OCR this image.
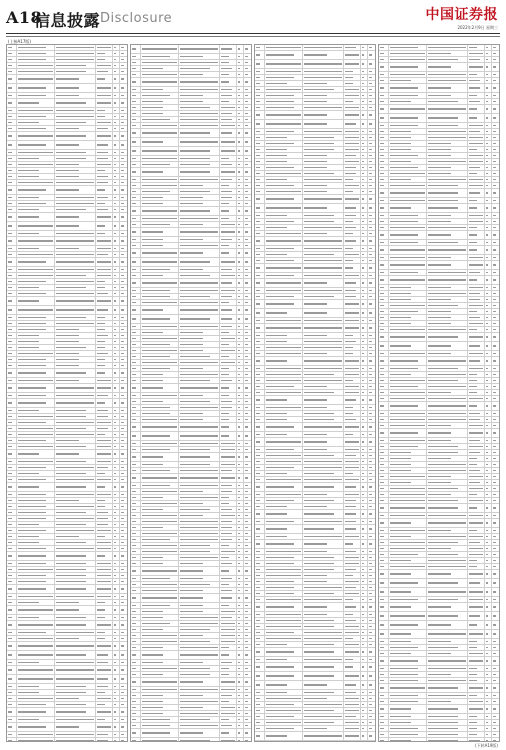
A18
信息披露 Disclosure	中国证券报
2022年2月9日 星期三
(上接A17版)
(下转A19版)
